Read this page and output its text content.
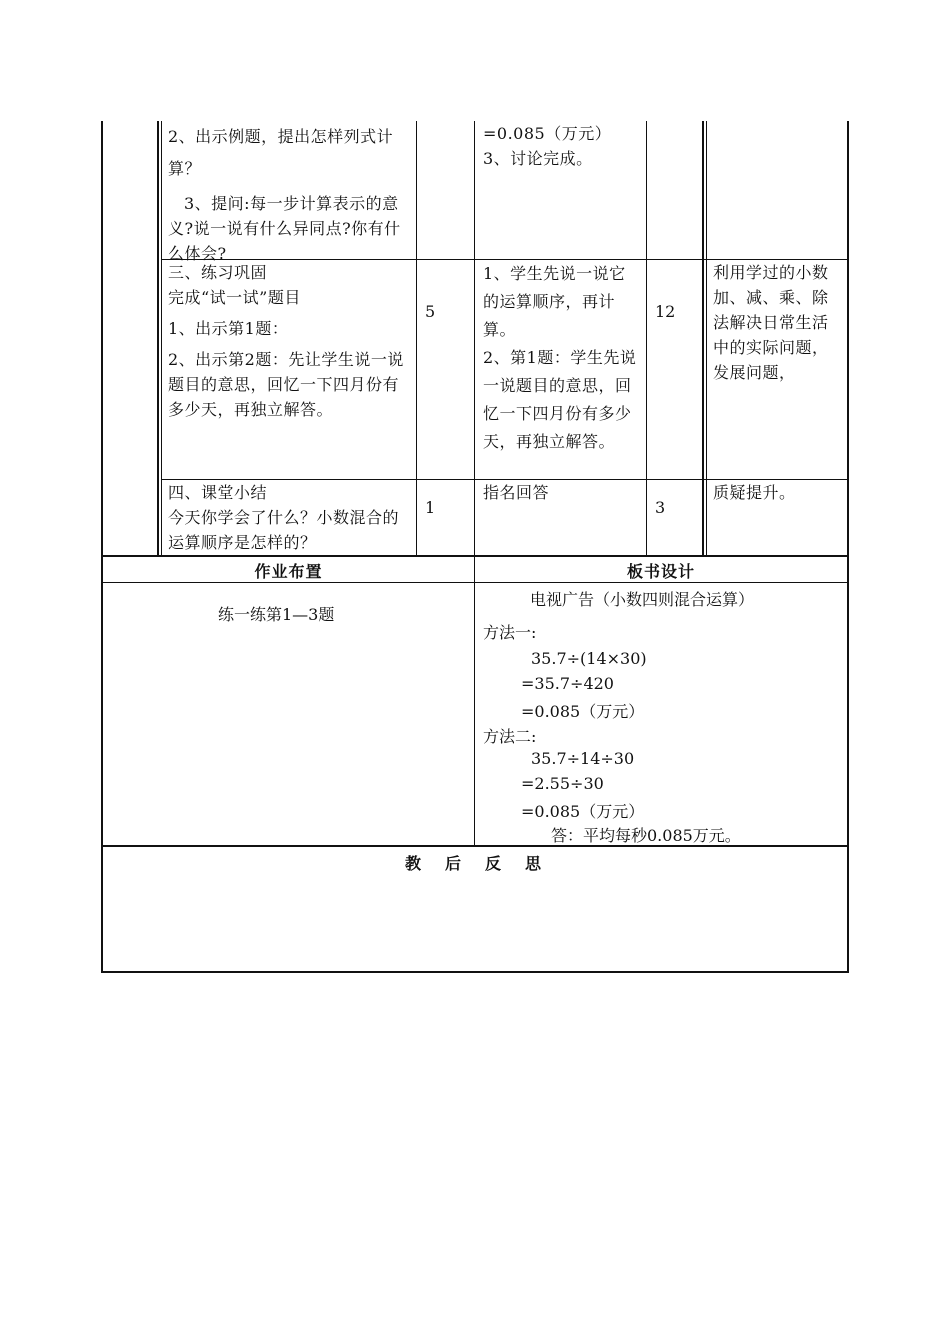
2、出示例题，提出怎样列式计算？

3、提问:每一步计算表示的意义?说一说有什么异同点?你有什么体会?

=0.085（万元）

3、讨论完成。

三、练习巩固

完成“试一试”题目

1、出示第1题：

2、出示第2题：先让学生说一说题目的意思，回忆一下四月份有多少天，再独立解答。

5

1、学生先说一说它的运算顺序，再计算。

2、第1题：学生先说一说题目的意思，回忆一下四月份有多少天，再独立解答。

12

利用学过的小数加、减、乘、除法解决日常生活中的实际问题，发展问题，

四、课堂小结

今天你学会了什么？小数混合的运算顺序是怎样的？

1

指名回答

3

质疑提升。

作业布置	板书设计
练一练第1—3题
电视广告（小数四则混合运算）
方法一:
35.7÷(14×30)
=35.7÷420
=0.085（万元）
方法二:
35.7÷14÷30
=2.55÷30
=0.085（万元）
答：平均每秒0.085万元。
教　后　反　思
